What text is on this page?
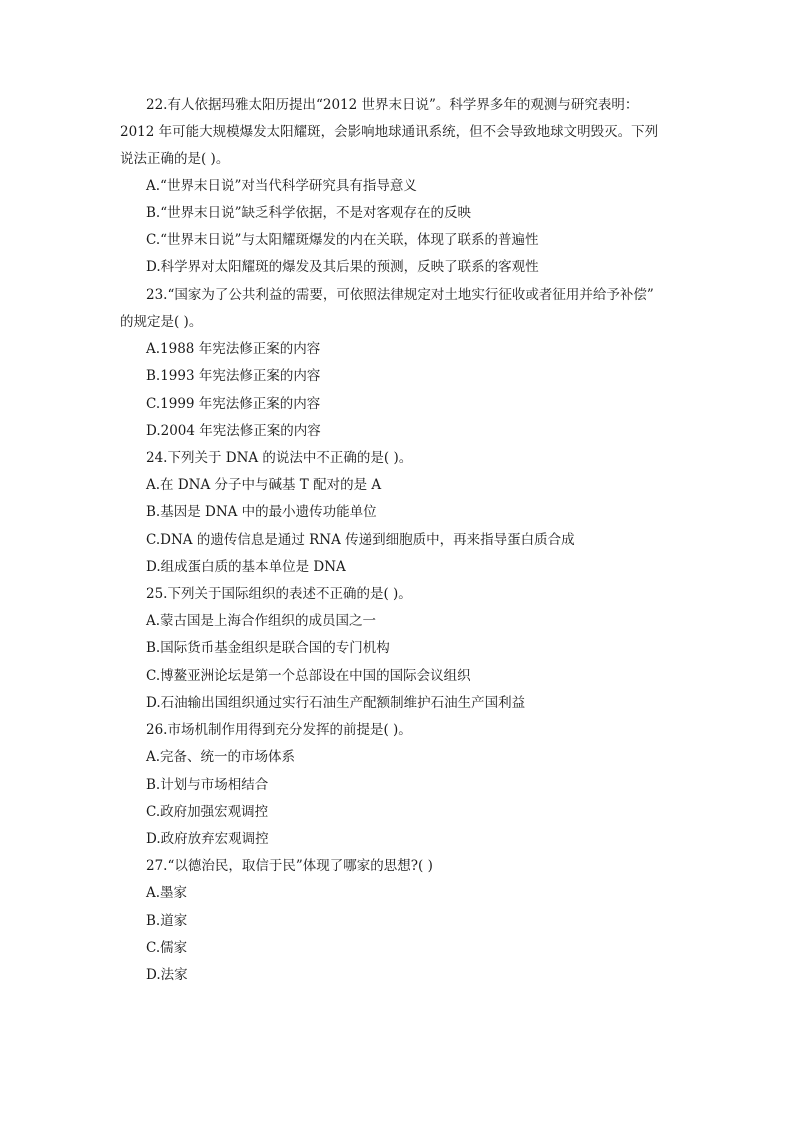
22.有人依据玛雅太阳历提出“2012 世界末日说”。科学界多年的观测与研究表明：
2012 年可能大规模爆发太阳耀斑，会影响地球通讯系统，但不会导致地球文明毁灭。下列
说法正确的是( )。
A.“世界末日说”对当代科学研究具有指导意义
B.“世界末日说”缺乏科学依据，不是对客观存在的反映
C.“世界末日说”与太阳耀斑爆发的内在关联，体现了联系的普遍性
D.科学界对太阳耀斑的爆发及其后果的预测，反映了联系的客观性
23.“国家为了公共利益的需要，可依照法律规定对土地实行征收或者征用并给予补偿”
的规定是( )。
A.1988 年宪法修正案的内容
B.1993 年宪法修正案的内容
C.1999 年宪法修正案的内容
D.2004 年宪法修正案的内容
24.下列关于 DNA 的说法中不正确的是( )。
A.在 DNA 分子中与碱基 T 配对的是 A
B.基因是 DNA 中的最小遗传功能单位
C.DNA 的遗传信息是通过 RNA 传递到细胞质中，再来指导蛋白质合成
D.组成蛋白质的基本单位是 DNA
25.下列关于国际组织的表述不正确的是( )。
A.蒙古国是上海合作组织的成员国之一
B.国际货币基金组织是联合国的专门机构
C.博鳌亚洲论坛是第一个总部设在中国的国际会议组织
D.石油输出国组织通过实行石油生产配额制维护石油生产国利益
26.市场机制作用得到充分发挥的前提是( )。
A.完备、统一的市场体系
B.计划与市场相结合
C.政府加强宏观调控
D.政府放弃宏观调控
27.“以德治民，取信于民”体现了哪家的思想?( )
A.墨家
B.道家
C.儒家
D.法家
